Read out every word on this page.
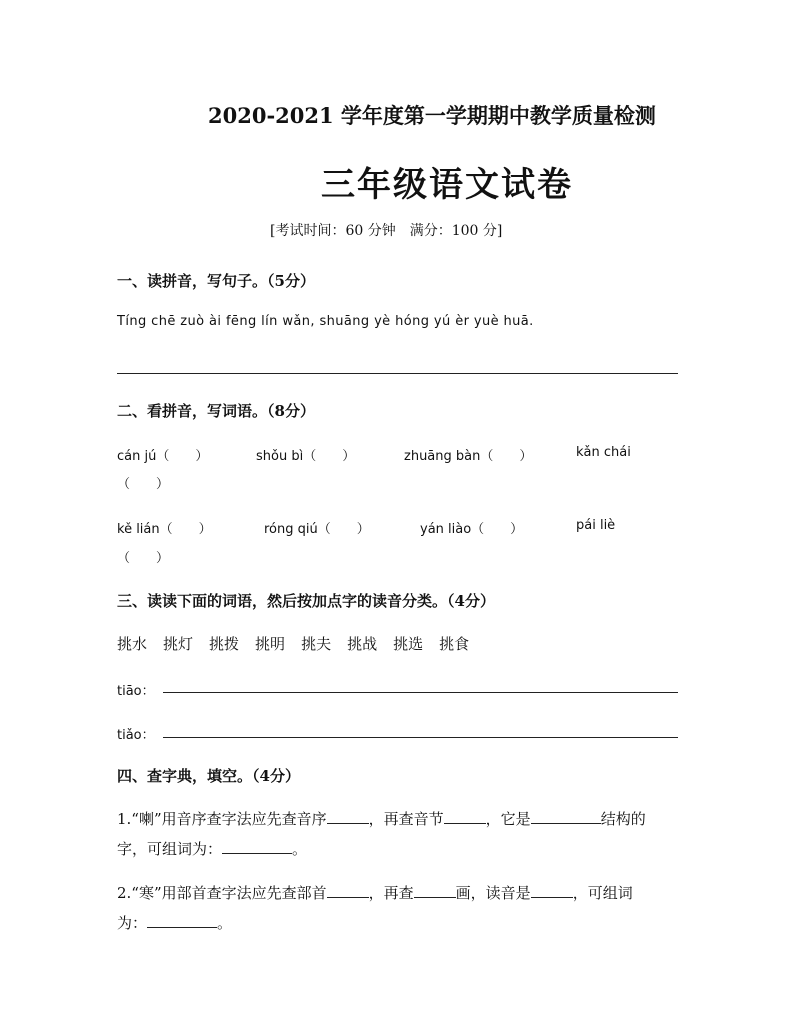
2020-2021 学年度第一学期期中教学质量检测
三年级语文试卷
[考试时间：60 分钟　满分：100 分]
一、读拼音，写句子。（5分）
Tíng chē zuò ài fēng lín wǎn, shuāng yè hóng yú èr yuè huā.
二、看拼音，写词语。（8分）
cán jú（　　）	shǒu bì（　　）	zhuāng bàn（　　）	kǎn chái
（　　）
kě lián（　　）	róng qiú（　　）	yán liào（　　）	pái liè
（　　）
三、读读下面的词语，然后按加点字的读音分类。（4分）
挑水 挑灯 挑拨 挑明 挑夫 挑战 挑选 挑食
tiāo：
tiǎo：
四、查字典，填空。（4分）
1.“喇”用音序查字法应先查音序	，再查音节	，它是	结构的
字，可组词为：	。
2.“寒”用部首查字法应先查部首	，再查	画，读音是	，可组词
为：	。
